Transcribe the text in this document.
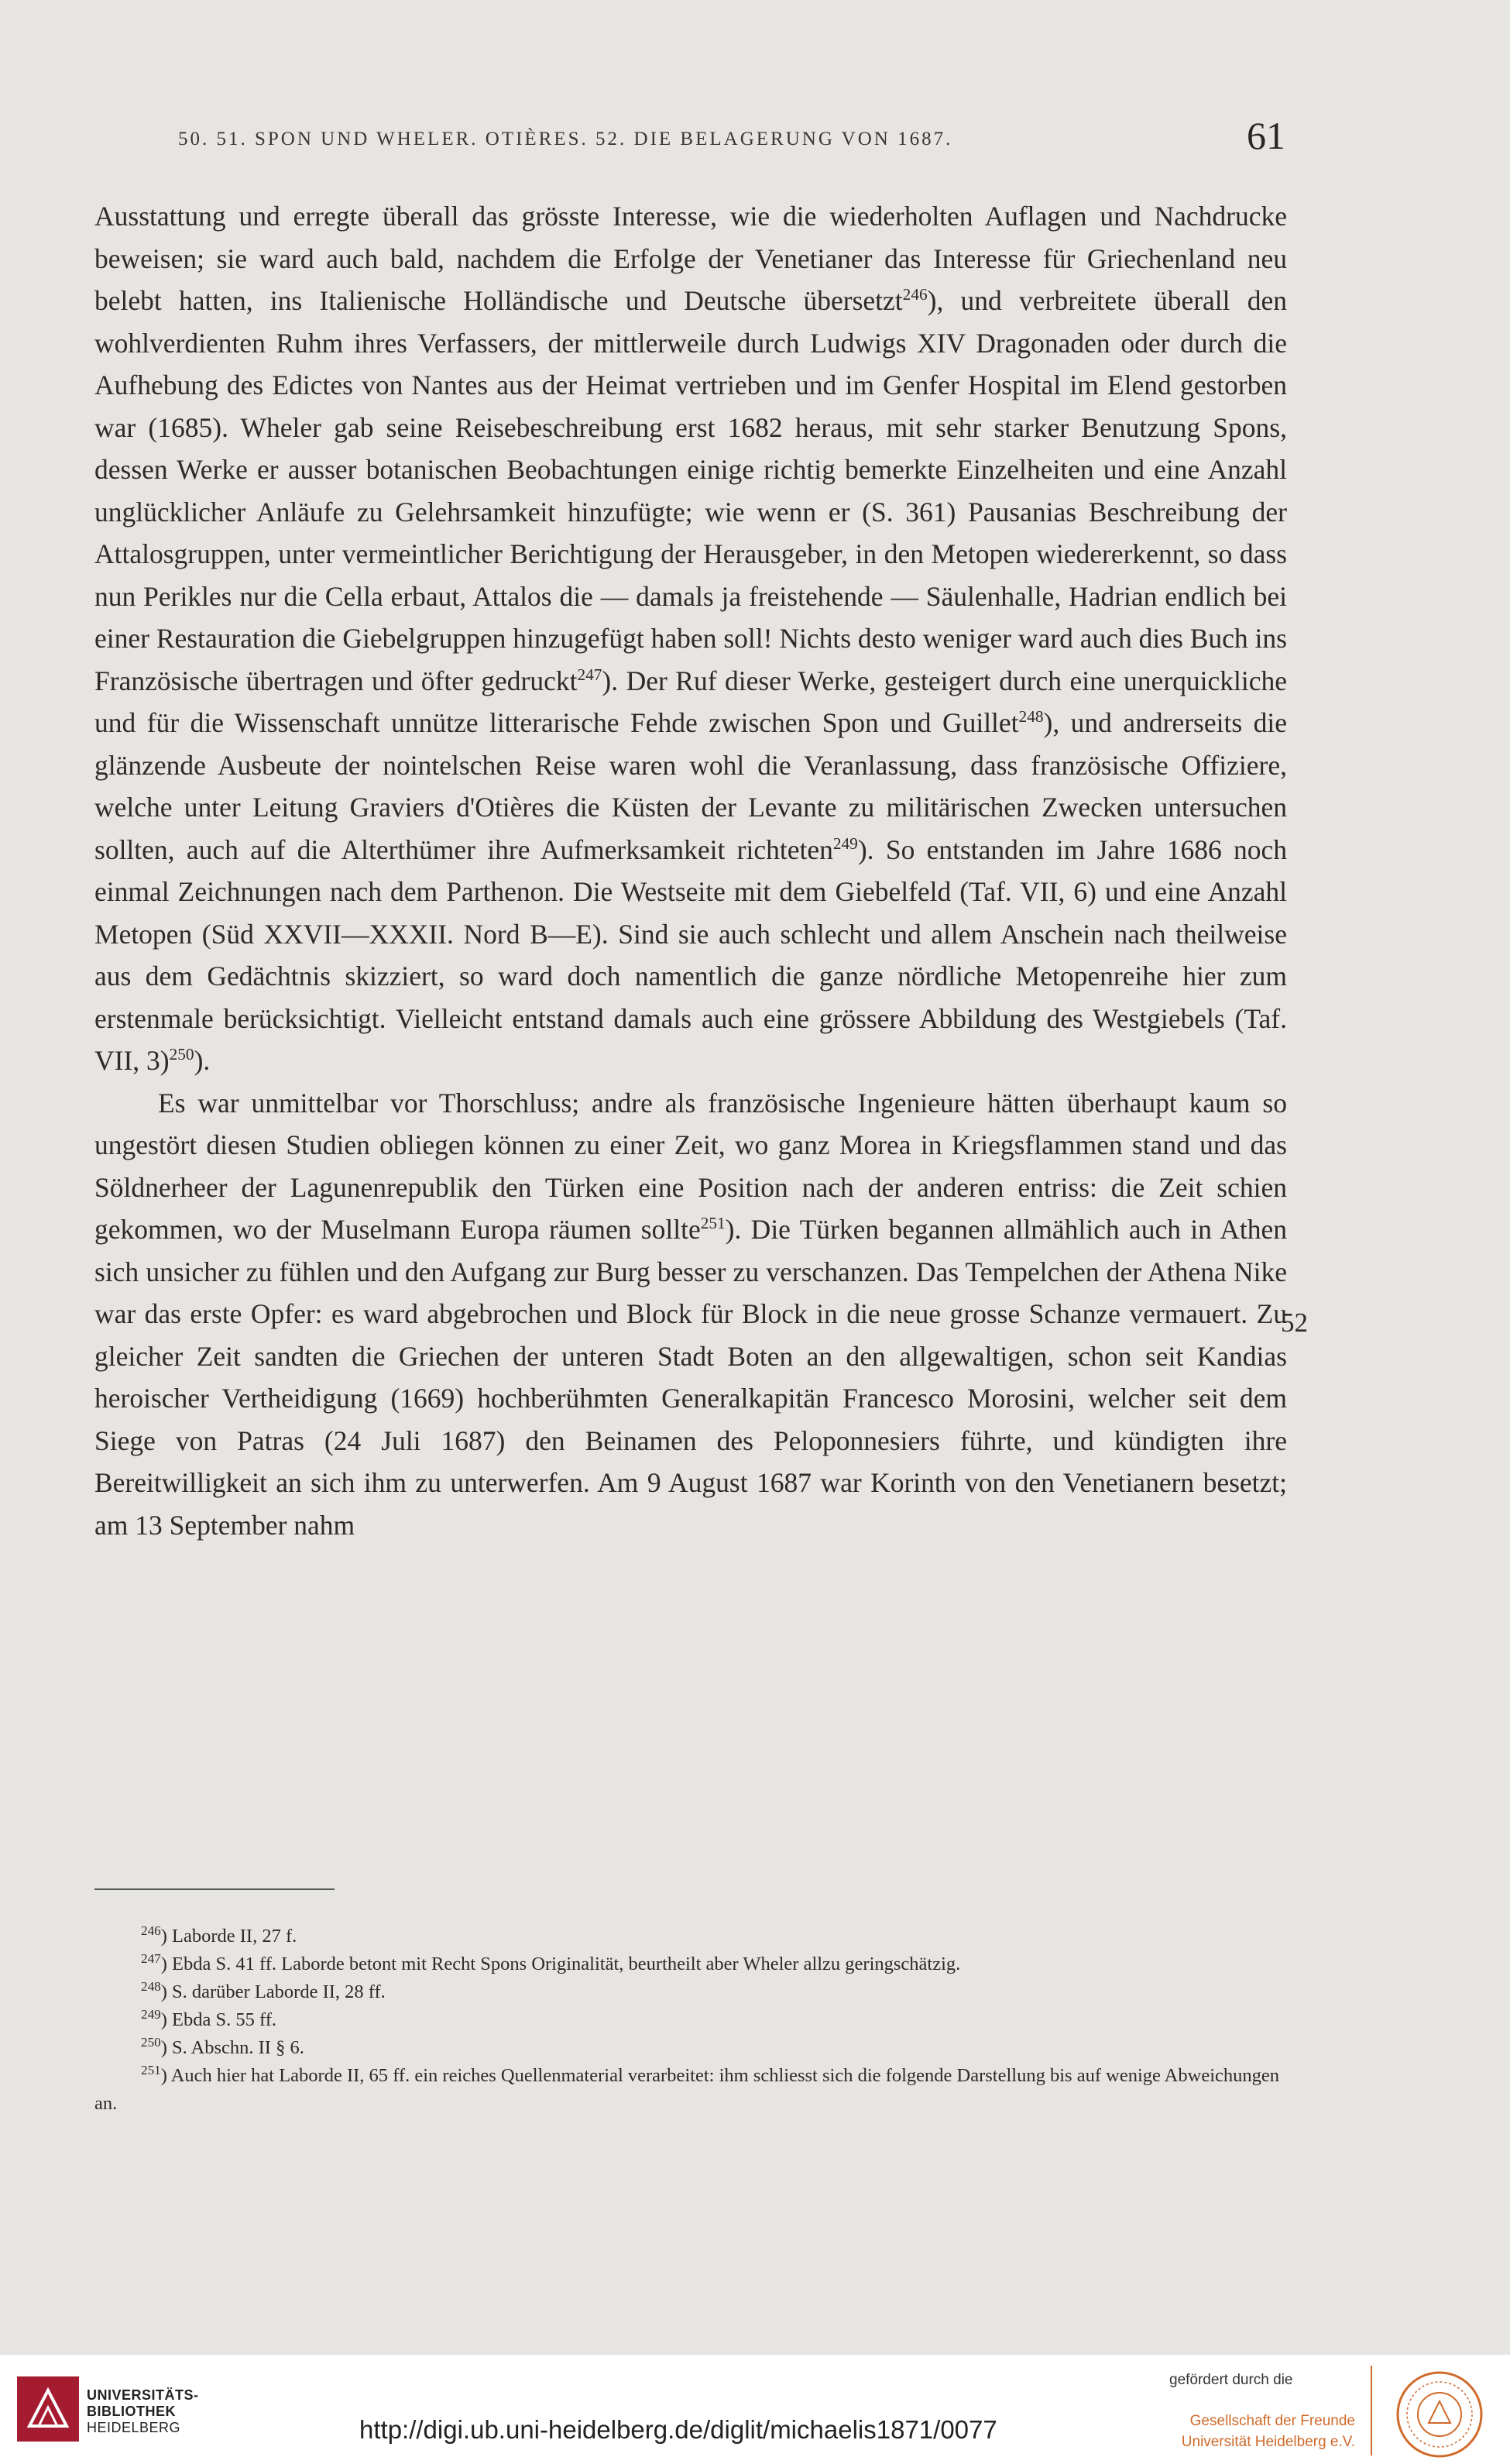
50. 51. SPON UND WHELER. OTIÈRES. 52. DIE BELAGERUNG VON 1687.	61

Ausstattung und erregte überall das grösste Interesse, wie die wiederholten Auflagen und Nachdrucke beweisen; sie ward auch bald, nachdem die Erfolge der Venetianer das Interesse für Griechenland neu belebt hatten, ins Italienische Holländische und Deutsche übersetzt$^{246}$), und verbreitete überall den wohlverdienten Ruhm ihres Verfassers, der mittlerweile durch Ludwigs XIV Dragonaden oder durch die Aufhebung des Edictes von Nantes aus der Heimat vertrieben und im Genfer Hospital im Elend gestorben war (1685). Wheler gab seine Reisebeschreibung erst 1682 heraus, mit sehr starker Benutzung Spons, dessen Werke er ausser botanischen Beobachtungen einige richtig bemerkte Einzelheiten und eine Anzahl unglücklicher Anläufe zu Gelehrsamkeit hinzufügte; wie wenn er (S. 361) Pausanias Beschreibung der Attalosgruppen, unter vermeintlicher Berichtigung der Herausgeber, in den Metopen wiedererkennt, so dass nun Perikles nur die Cella erbaut, Attalos die — damals ja freistehende — Säulenhalle, Hadrian endlich bei einer Restauration die Giebelgruppen hinzugefügt haben soll! Nichts desto weniger ward auch dies Buch ins Französische übertragen und öfter gedruckt$^{247}$). Der Ruf dieser Werke, gesteigert durch eine unerquickliche und für die Wissenschaft unnütze litterarische Fehde zwischen Spon und Guillet$^{248}$), und andrerseits die glänzende Ausbeute der nointelschen Reise waren wohl die Veranlassung, dass französische Offiziere, welche unter Leitung Graviers d'Otières die Küsten der Levante zu militärischen Zwecken untersuchen sollten, auch auf die Alterthümer ihre Aufmerksamkeit richteten$^{249}$). So entstanden im Jahre 1686 noch einmal Zeichnungen nach dem Parthenon. Die Westseite mit dem Giebelfeld (Taf. VII, 6) und eine Anzahl Metopen (Süd XXVII—XXXII. Nord B—E). Sind sie auch schlecht und allem Anschein nach theilweise aus dem Gedächtnis skizziert, so ward doch namentlich die ganze nördliche Metopenreihe hier zum erstenmale berücksichtigt. Vielleicht entstand damals auch eine grössere Abbildung des Westgiebels (Taf. VII, 3)$^{250}$).

Es war unmittelbar vor Thorschluss; andre als französische Ingenieure hätten überhaupt kaum so ungestört diesen Studien obliegen können zu einer Zeit, wo ganz Morea in Kriegsflammen stand und das Söldnerheer der Lagunenrepublik den Türken eine Position nach der anderen entriss: die Zeit schien gekommen, wo der Muselmann Europa räumen sollte$^{251}$). Die Türken begannen allmählich auch in Athen sich unsicher zu fühlen und den Aufgang zur Burg besser zu verschanzen. Das Tempelchen der Athena Nike war das erste Opfer: es ward abgebrochen und Block für Block in die neue grosse Schanze vermauert. Zu gleicher Zeit sandten die Griechen der unteren Stadt Boten an den allgewaltigen, schon seit Kandias heroischer Vertheidigung (1669) hochberühmten Generalkapitän Francesco Morosini, welcher seit dem Siege von Patras (24 Juli 1687) den Beinamen des Peloponnesiers führte, und kündigten ihre Bereitwilligkeit an sich ihm zu unterwerfen. Am 9 August 1687 war Korinth von den Venetianern besetzt; am 13 September nahm

52

$^{246}$) Laborde II, 27 f.

$^{247}$) Ebda S. 41 ff. Laborde betont mit Recht Spons Originalität, beurtheilt aber Wheler allzu geringschätzig.

$^{248}$) S. darüber Laborde II, 28 ff.

$^{249}$) Ebda S. 55 ff.

$^{250}$) S. Abschn. II § 6.

$^{251}$) Auch hier hat Laborde II, 65 ff. ein reiches Quellenmaterial verarbeitet: ihm schliesst sich die folgende Darstellung bis auf wenige Abweichungen an.

UNIVERSITÄTS-
BIBLIOTHEK
HEIDELBERG	http://digi.ub.uni-heidelberg.de/diglit/michaelis1871/0077
gefördert durch die
Gesellschaft der Freunde
Universität Heidelberg e.V.
